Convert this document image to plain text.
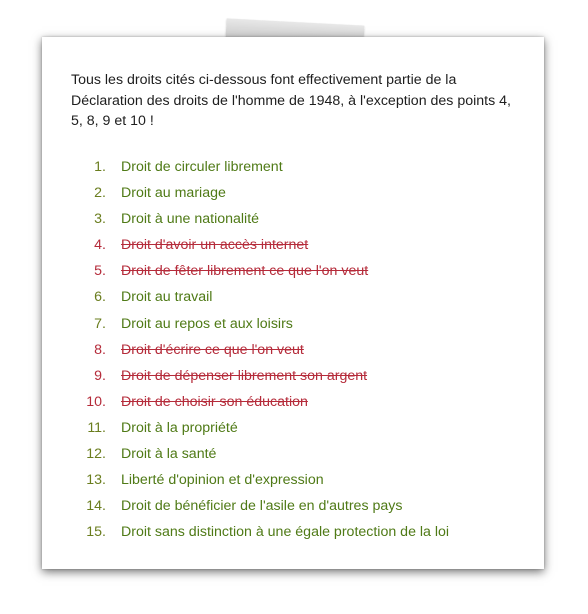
Tous les droits cités ci-dessous font effectivement partie de la Déclaration des droits de l'homme de 1948, à l'exception des points 4, 5, 8, 9 et 10 !

1. Droit de circuler librement
2. Droit au mariage
3. Droit à une nationalité
4. Droit d'avoir un accès internet
5. Droit de fêter librement ce que l'on veut
6. Droit au travail
7. Droit au repos et aux loisirs
8. Droit d'écrire ce que l'on veut
9. Droit de dépenser librement son argent
10. Droit de choisir son éducation
11. Droit à la propriété
12. Droit à la santé
13. Liberté d'opinion et d'expression
14. Droit de bénéficier de l'asile en d'autres pays
15. Droit sans distinction à une égale protection de la loi
